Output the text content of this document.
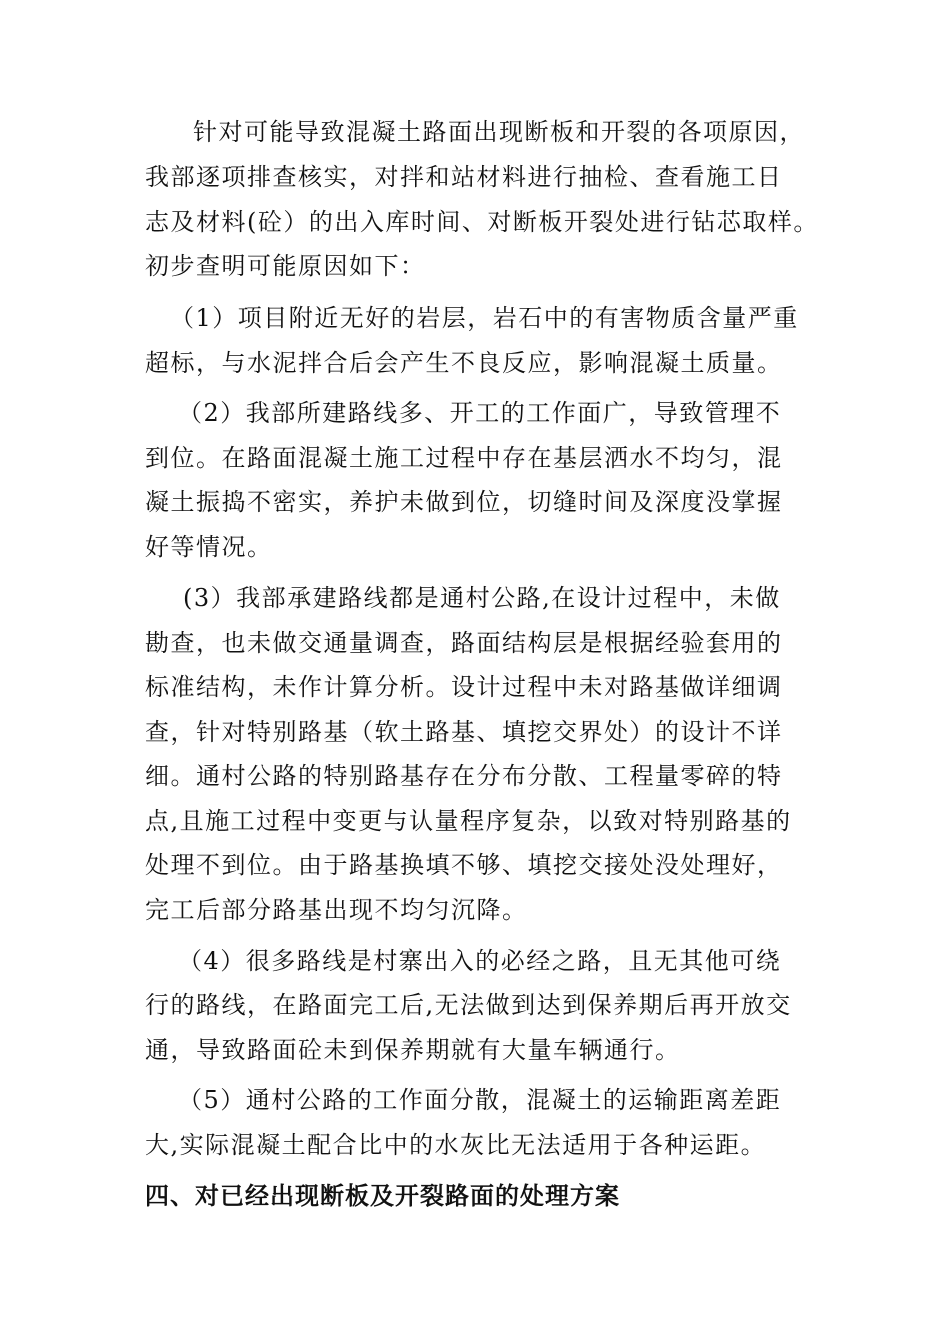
针对可能导致混凝土路面出现断板和开裂的各项原因，
我部逐项排查核实，对拌和站材料进行抽检、查看施工日
志及材料(砼）的出入库时间、对断板开裂处进行钻芯取样。
初步查明可能原因如下：
（1）项目附近无好的岩层，岩石中的有害物质含量严重
超标，与水泥拌合后会产生不良反应，影响混凝土质量。
（2）我部所建路线多、开工的工作面广，导致管理不
到位。在路面混凝土施工过程中存在基层洒水不均匀，混
凝土振捣不密实，养护未做到位，切缝时间及深度没掌握
好等情况。
(3）我部承建路线都是通村公路,在设计过程中，未做
勘查，也未做交通量调查，路面结构层是根据经验套用的
标准结构，未作计算分析。设计过程中未对路基做详细调
查，针对特别路基（软土路基、填挖交界处）的设计不详
细。通村公路的特别路基存在分布分散、工程量零碎的特
点,且施工过程中变更与认量程序复杂，以致对特别路基的
处理不到位。由于路基换填不够、填挖交接处没处理好，
完工后部分路基出现不均匀沉降。
（4）很多路线是村寨出入的必经之路，且无其他可绕
行的路线，在路面完工后,无法做到达到保养期后再开放交
通，导致路面砼未到保养期就有大量车辆通行。
（5）通村公路的工作面分散，混凝土的运输距离差距
大,实际混凝土配合比中的水灰比无法适用于各种运距。
四、对已经出现断板及开裂路面的处理方案
